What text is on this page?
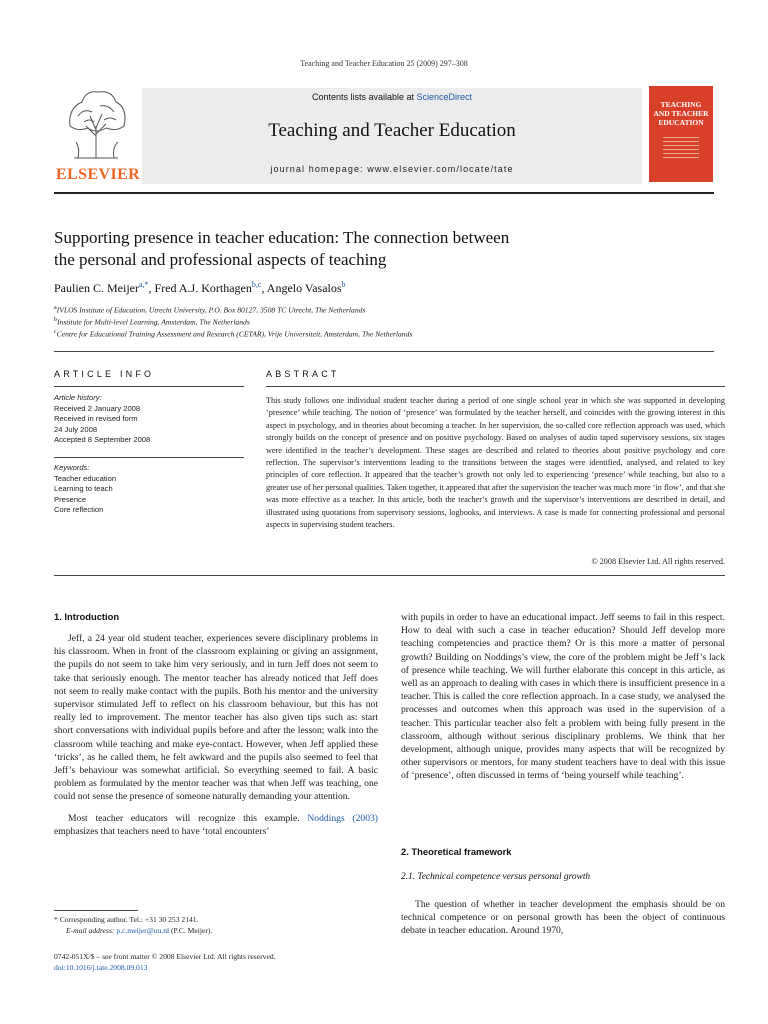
Teaching and Teacher Education 25 (2009) 297–308
ELSEVIER
Contents lists available at ScienceDirect
Teaching and Teacher Education
journal homepage: www.elsevier.com/locate/tate
TEACHING
AND TEACHER
EDUCATION
Supporting presence in teacher education: The connection between
the personal and professional aspects of teaching
Paulien C. Meijer$^{a,*}$, Fred A.J. Korthagen$^{b,c}$, Angelo Vasalos$^b$
$^a$IVLOS Institute of Education, Utrecht University, P.O. Box 80127, 3508 TC Utrecht, The Netherlands
$^b$Institute for Multi-level Learning, Amsterdam, The Netherlands
$^c$Centre for Educational Training Assessment and Research (CETAR), Vrije Universiteit, Amsterdam, The Netherlands
ARTICLE INFO
Article history:
Received 2 January 2008
Received in revised form
24 July 2008
Accepted 8 September 2008
Keywords:
Teacher education
Learning to teach
Presence
Core reflection
ABSTRACT
This study follows one individual student teacher during a period of one single school year in which she was supported in developing ‘presence’ while teaching. The notion of ‘presence’ was formulated by the teacher herself, and coincides with the growing interest in this aspect in psychology, and in theories about becoming a teacher. In her supervision, the so-called core reflection approach was used, which strongly builds on the concept of presence and on positive psychology. Based on analyses of audio taped supervisory sessions, six stages were identified in the teacher’s development. These stages are described and related to theories about positive psychology and core reflection. The supervisor’s interventions leading to the transitions between the stages were identified, analysed, and related to key principles of core reflection. It appeared that the teacher’s growth not only led to experiencing ‘presence’ while teaching, but also to a greater use of her personal qualities. Taken together, it appeared that after the supervision the teacher was much more ‘in flow’, and that she was more effective as a teacher. In this article, both the teacher’s growth and the supervisor’s interventions are described in detail, and illustrated using quotations from supervisory sessions, logbooks, and interviews. A case is made for connecting professional and personal aspects in supervising student teachers.
© 2008 Elsevier Ltd. All rights reserved.
1. Introduction

Jeff, a 24 year old student teacher, experiences severe disciplinary problems in his classroom. When in front of the classroom explaining or giving an assignment, the pupils do not seem to take him very seriously, and in turn Jeff does not seem to take that seriously enough. The mentor teacher has already noticed that Jeff does not seem to really make contact with the pupils. Both his mentor and the university supervisor stimulated Jeff to reflect on his classroom behaviour, but this has not really led to improvement. The mentor teacher has also given tips such as: start short conversations with individual pupils before and after the lesson; walk into the classroom while teaching and make eye-contact. However, when Jeff applied these ‘tricks’, as he called them, he felt awkward and the pupils also seemed to feel that Jeff’s behaviour was somewhat artificial. So everything seemed to fail. A basic problem as formulated by the mentor teacher was that when Jeff was teaching, one could not sense the presence of someone naturally demanding your attention.

Most teacher educators will recognize this example. Noddings (2003) emphasizes that teachers need to have ‘total encounters’

* Corresponding author. Tel.: +31 30 253 2141.
E-mail address: p.c.meijer@uu.nl (P.C. Meijer).
0742-051X/$ – see front matter © 2008 Elsevier Ltd. All rights reserved.
doi:10.1016/j.tate.2008.09.013

with pupils in order to have an educational impact. Jeff seems to fail in this respect. How to deal with such a case in teacher education? Should Jeff develop more teaching competencies and practice them? Or is this more a matter of personal growth? Building on Noddings’s view, the core of the problem might be Jeff’s lack of presence while teaching. We will further elaborate this concept in this article, as well as an approach to dealing with cases in which there is insufficient presence in a teacher. This is called the core reflection approach. In a case study, we analysed the processes and outcomes when this approach was used in the supervision of a teacher. This particular teacher also felt a problem with being fully present in the classroom, although without serious disciplinary problems. We think that her development, although unique, provides many aspects that will be recognized by other supervisors or mentors, for many student teachers have to deal with this issue of ‘presence’, often discussed in terms of ‘being yourself while teaching’.

2. Theoretical framework
2.1. Technical competence versus personal growth

The question of whether in teacher development the emphasis should be on technical competence or on personal growth has been the object of continuous debate in teacher education. Around 1970,
